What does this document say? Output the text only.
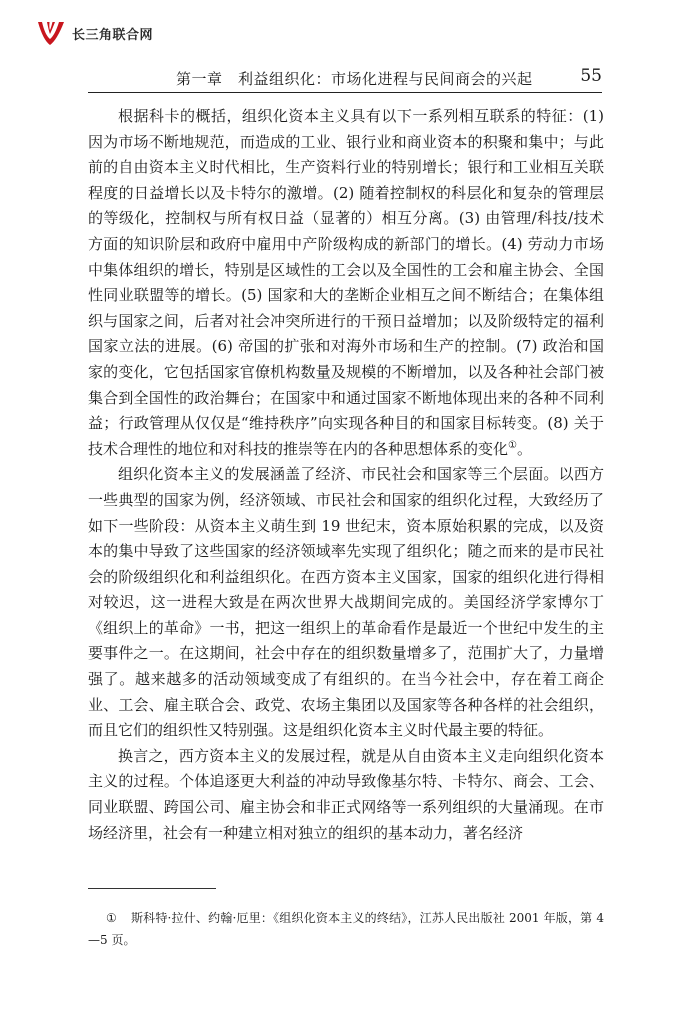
长三角联合网
第一章　利益组织化：市场化进程与民间商会的兴起	55

根据科卡的概括，组织化资本主义具有以下一系列相互联系的特征：(1) 因为市场不断地规范，而造成的工业、银行业和商业资本的积聚和集中；与此前的自由资本主义时代相比，生产资料行业的特别增长；银行和工业相互关联程度的日益增长以及卡特尔的激增。(2) 随着控制权的科层化和复杂的管理层的等级化，控制权与所有权日益（显著的）相互分离。(3) 由管理/科技/技术方面的知识阶层和政府中雇用中产阶级构成的新部门的增长。(4) 劳动力市场中集体组织的增长，特别是区域性的工会以及全国性的工会和雇主协会、全国性同业联盟等的增长。(5) 国家和大的垄断企业相互之间不断结合；在集体组织与国家之间，后者对社会冲突所进行的干预日益增加；以及阶级特定的福利国家立法的进展。(6) 帝国的扩张和对海外市场和生产的控制。(7) 政治和国家的变化，它包括国家官僚机构数量及规模的不断增加，以及各种社会部门被集合到全国性的政治舞台；在国家中和通过国家不断地体现出来的各种不同利益；行政管理从仅仅是“维持秩序”向实现各种目的和国家目标转变。(8) 关于技术合理性的地位和对科技的推崇等在内的各种思想体系的变化①。

组织化资本主义的发展涵盖了经济、市民社会和国家等三个层面。以西方一些典型的国家为例，经济领域、市民社会和国家的组织化过程，大致经历了如下一些阶段：从资本主义萌生到 19 世纪末，资本原始积累的完成，以及资本的集中导致了这些国家的经济领域率先实现了组织化；随之而来的是市民社会的阶级组织化和利益组织化。在西方资本主义国家，国家的组织化进行得相对较迟，这一进程大致是在两次世界大战期间完成的。美国经济学家博尔丁《组织上的革命》一书，把这一组织上的革命看作是最近一个世纪中发生的主要事件之一。在这期间，社会中存在的组织数量增多了，范围扩大了，力量增强了。越来越多的活动领域变成了有组织的。在当今社会中，存在着工商企业、工会、雇主联合会、政党、农场主集团以及国家等各种各样的社会组织，而且它们的组织性又特别强。这是组织化资本主义时代最主要的特征。

换言之，西方资本主义的发展过程，就是从自由资本主义走向组织化资本主义的过程。个体追逐更大利益的冲动导致像基尔特、卡特尔、商会、工会、同业联盟、跨国公司、雇主协会和非正式网络等一系列组织的大量涌现。在市场经济里，社会有一种建立相对独立的组织的基本动力，著名经济

① 斯科特·拉什、约翰·厄里：《组织化资本主义的终结》，江苏人民出版社 2001 年版，第 4—5 页。
